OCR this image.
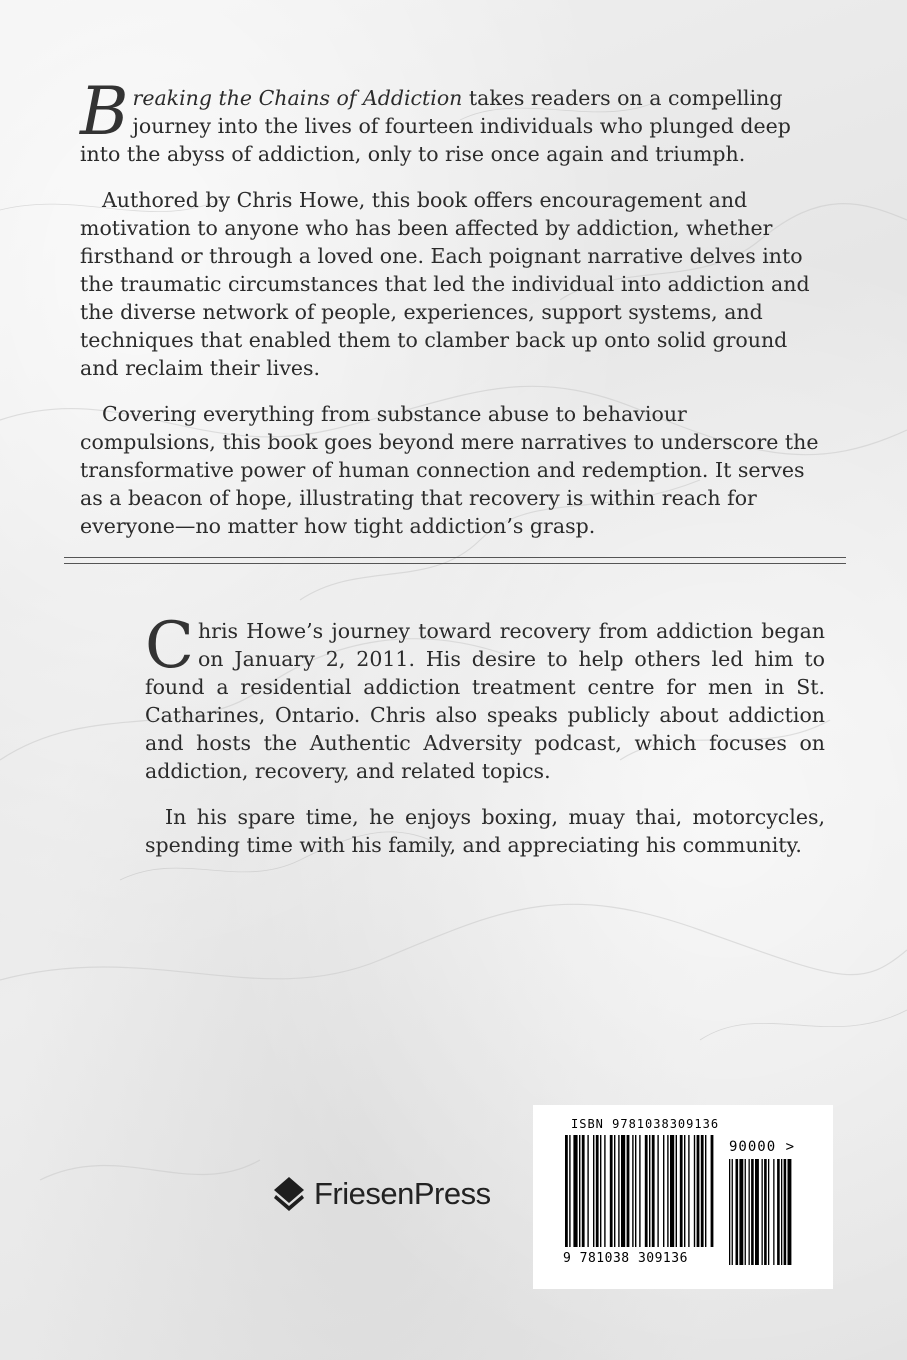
Breaking the Chains of Addiction takes readers on a compelling journey into the lives of fourteen individuals who plunged deep into the abyss of addiction, only to rise once again and triumph.

Authored by Chris Howe, this book offers encouragement and motivation to anyone who has been affected by addiction, whether firsthand or through a loved one. Each poignant narrative delves into the traumatic circumstances that led the individual into addiction and the diverse network of people, experiences, support systems, and techniques that enabled them to clamber back up onto solid ground and reclaim their lives.

Covering everything from substance abuse to behaviour compulsions, this book goes beyond mere narratives to underscore the transformative power of human connection and redemption. It serves as a beacon of hope, illustrating that recovery is within reach for everyone—no matter how tight addiction’s grasp.

Chris Howe’s journey toward recovery from addiction began on January 2, 2011. His desire to help others led him to found a residential addiction treatment centre for men in St. Catharines, Ontario. Chris also speaks publicly about addiction and hosts the Authentic Adversity podcast, which focuses on addiction, recovery, and related topics.

In his spare time, he enjoys boxing, muay thai, motorcycles, spending time with his family, and appreciating his community.

FriesenPress
ISBN 9781038309136
90000 >
9 781038 309136
